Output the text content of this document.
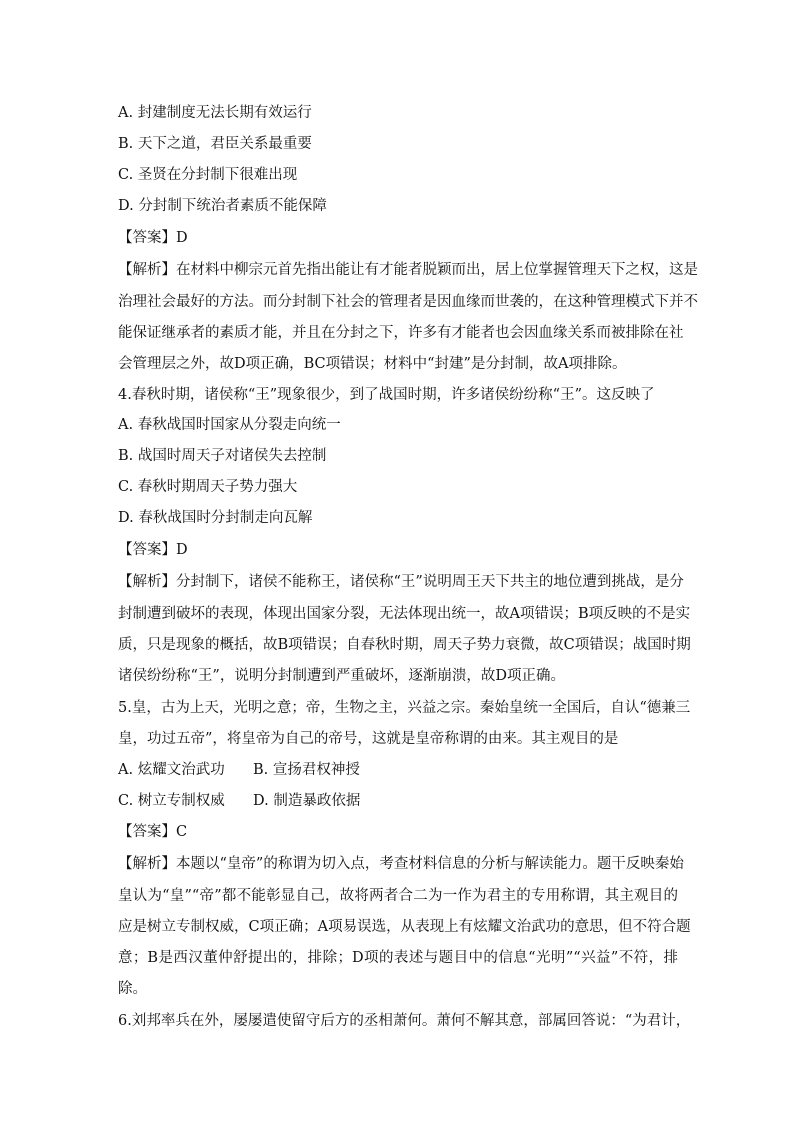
A. 封建制度无法长期有效运行
B. 天下之道，君臣关系最重要
C. 圣贤在分封制下很难出现
D. 分封制下统治者素质不能保障
【答案】D
【解析】在材料中柳宗元首先指出能让有才能者脱颖而出，居上位掌握管理天下之权，这是
治理社会最好的方法。而分封制下社会的管理者是因血缘而世袭的，在这种管理模式下并不
能保证继承者的素质才能，并且在分封之下，许多有才能者也会因血缘关系而被排除在社
会管理层之外，故D项正确，BC项错误；材料中“封建”是分封制，故A项排除。
4.春秋时期，诸侯称“王”现象很少，到了战国时期，许多诸侯纷纷称“王”。这反映了
A. 春秋战国时国家从分裂走向统一
B. 战国时周天子对诸侯失去控制
C. 春秋时期周天子势力强大
D. 春秋战国时分封制走向瓦解
【答案】D
【解析】分封制下，诸侯不能称王，诸侯称“王”说明周王天下共主的地位遭到挑战，是分
封制遭到破坏的表现，体现出国家分裂，无法体现出统一，故A项错误；B项反映的不是实
质，只是现象的概括，故B项错误；自春秋时期，周天子势力衰微，故C项错误；战国时期
诸侯纷纷称“王”，说明分封制遭到严重破坏，逐渐崩溃，故D项正确。
5.皇，古为上天，光明之意；帝，生物之主，兴益之宗。秦始皇统一全国后，自认“德兼三
皇，功过五帝”，将皇帝为自己的帝号，这就是皇帝称谓的由来。其主观目的是
A. 炫耀文治武功 B. 宣扬君权神授
C. 树立专制权威 D. 制造暴政依据
【答案】C
【解析】本题以“皇帝”的称谓为切入点，考查材料信息的分析与解读能力。题干反映秦始
皇认为“皇”“帝”都不能彰显自己，故将两者合二为一作为君主的专用称谓，其主观目的
应是树立专制权威，C项正确；A项易误选，从表现上有炫耀文治武功的意思，但不符合题
意；B是西汉董仲舒提出的，排除；D项的表述与题目中的信息“光明”“兴益”不符，排
除。
6.刘邦率兵在外，屡屡遣使留守后方的丞相萧何。萧何不解其意，部属回答说：“为君计，
